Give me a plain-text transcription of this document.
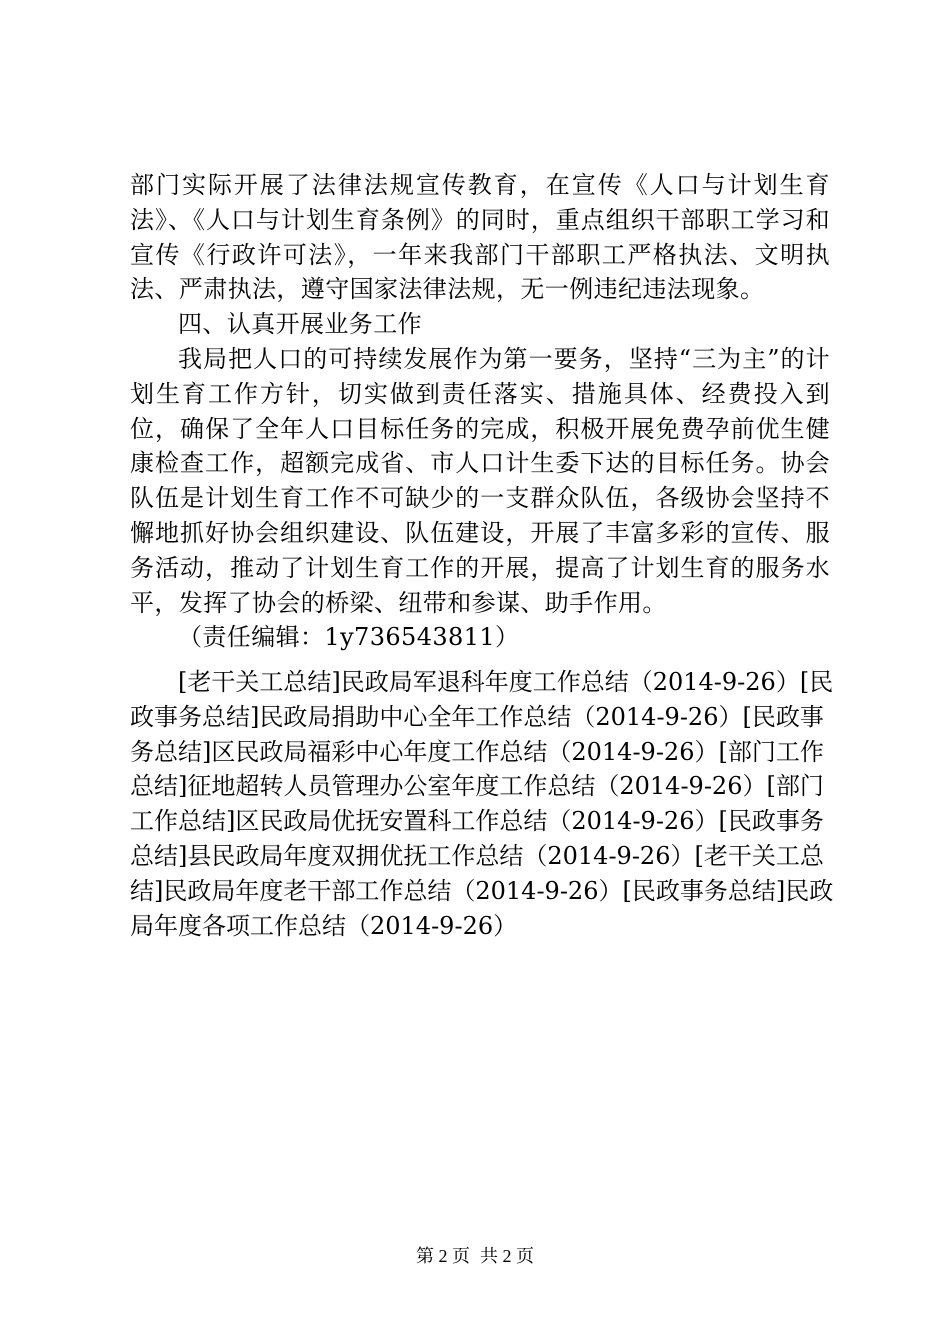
部门实际开展了法律法规宣传教育，在宣传《人口与计划生育法》、《人口与计划生育条例》的同时，重点组织干部职工学习和宣传《行政许可法》，一年来我部门干部职工严格执法、文明执法、严肃执法，遵守国家法律法规，无一例违纪违法现象。

四、认真开展业务工作

我局把人口的可持续发展作为第一要务，坚持“三为主”的计划生育工作方针，切实做到责任落实、措施具体、经费投入到位，确保了全年人口目标任务的完成，积极开展免费孕前优生健康检查工作，超额完成省、市人口计生委下达的目标任务。协会队伍是计划生育工作不可缺少的一支群众队伍，各级协会坚持不懈地抓好协会组织建设、队伍建设，开展了丰富多彩的宣传、服务活动，推动了计划生育工作的开展，提高了计划生育的服务水平，发挥了协会的桥梁、纽带和参谋、助手作用。

（责任编辑：1y736543811）

[老干关工总结]民政局军退科年度工作总结（2014-9-26）[民政事务总结]民政局捐助中心全年工作总结（2014-9-26）[民政事务总结]区民政局福彩中心年度工作总结（2014-9-26）[部门工作总结]征地超转人员管理办公室年度工作总结（2014-9-26）[部门工作总结]区民政局优抚安置科工作总结（2014-9-26）[民政事务总结]县民政局年度双拥优抚工作总结（2014-9-26）[老干关工总结]民政局年度老干部工作总结（2014-9-26）[民政事务总结]民政局年度各项工作总结（2014-9-26）
第 2 页 共 2 页
